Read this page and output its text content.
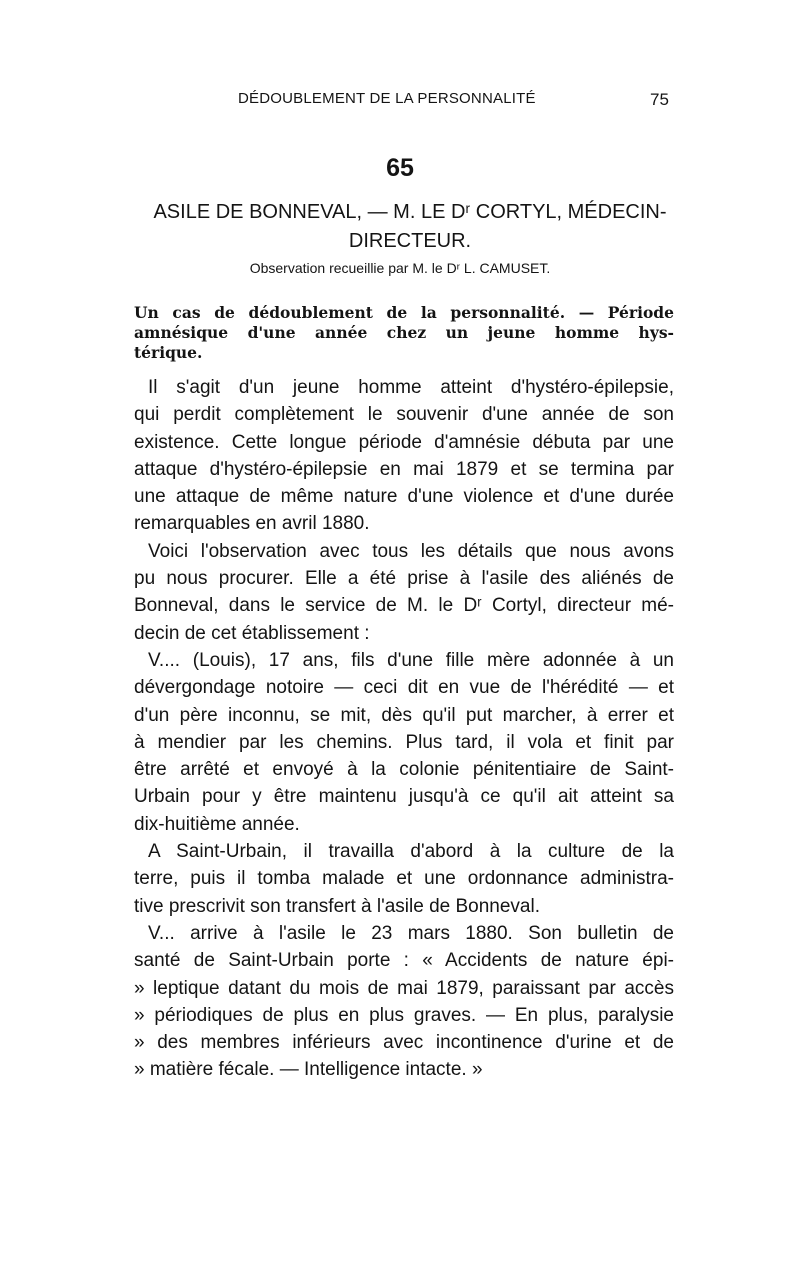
DÉDOUBLEMENT DE LA PERSONNALITÉ	75
65
ASILE DE BONNEVAL, — M. LE Dʳ CORTYL, MÉDECIN-
DIRECTEUR.
Observation recueillie par M. le Dʳ L. CAMUSET.
Un cas de dédoublement de la personnalité. — Période
amnésique d'une année chez un jeune homme hys-
térique.
Il s'agit d'un jeune homme atteint d'hystéro-épilepsie,
qui perdit complètement le souvenir d'une année de son
existence. Cette longue période d'amnésie débuta par une
attaque d'hystéro-épilepsie en mai 1879 et se termina par
une attaque de même nature d'une violence et d'une durée
remarquables en avril 1880.
Voici l'observation avec tous les détails que nous avons
pu nous procurer. Elle a été prise à l'asile des aliénés de
Bonneval, dans le service de M. le Dʳ Cortyl, directeur mé-
decin de cet établissement :
V.... (Louis), 17 ans, fils d'une fille mère adonnée à un
dévergondage notoire — ceci dit en vue de l'hérédité — et
d'un père inconnu, se mit, dès qu'il put marcher, à errer et
à mendier par les chemins. Plus tard, il vola et finit par
être arrêté et envoyé à la colonie pénitentiaire de Saint-
Urbain pour y être maintenu jusqu'à ce qu'il ait atteint sa
dix-huitième année.
A Saint-Urbain, il travailla d'abord à la culture de la
terre, puis il tomba malade et une ordonnance administra-
tive prescrivit son transfert à l'asile de Bonneval.
V... arrive à l'asile le 23 mars 1880. Son bulletin de
santé de Saint-Urbain porte : « Accidents de nature épi-
» leptique datant du mois de mai 1879, paraissant par accès
» périodiques de plus en plus graves. — En plus, paralysie
» des membres inférieurs avec incontinence d'urine et de
» matière fécale. — Intelligence intacte. »
